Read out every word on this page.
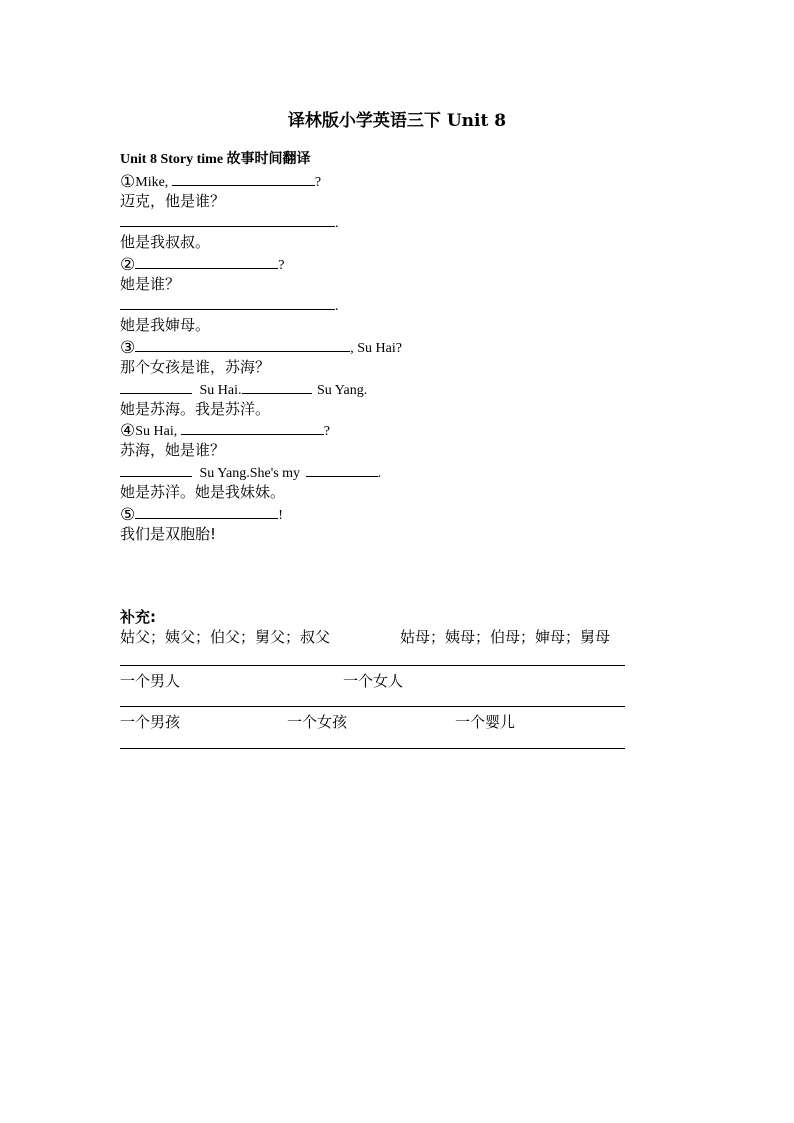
译林版小学英语三下 Unit 8
Unit 8 Story time 故事时间翻译
①Mike,	?
迈克，他是谁？
.
他是我叔叔。
②	?
她是谁？
.
她是我婶母。
③	, Su Hai?
那个女孩是谁，苏海？
Su Hai.	Su Yang.
她是苏海。我是苏洋。
④Su Hai,	?
苏海，她是谁？
Su Yang.She's my	.
她是苏洋。她是我妹妹。
⑤	!
我们是双胞胎!
补充:
姑父；姨父；伯父；舅父；叔父	姑母；姨母；伯母；婶母；舅母
一个男人	一个女人
一个男孩	一个女孩	一个婴儿
